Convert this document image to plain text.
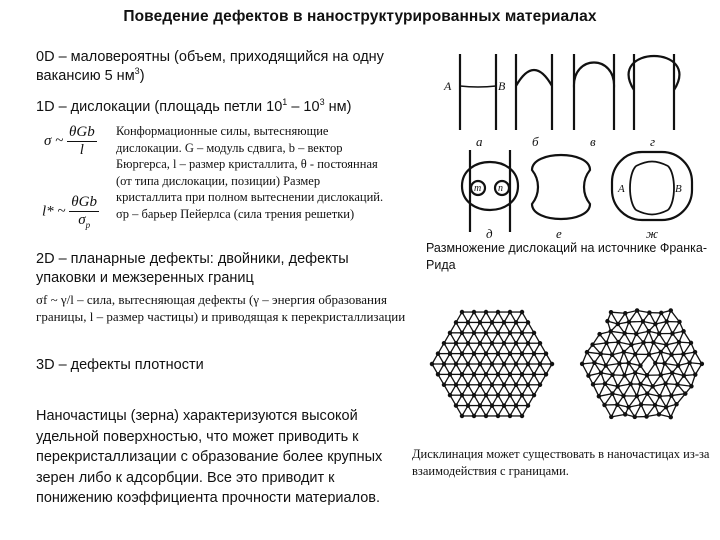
Поведение дефектов в наноструктурированных материалах
0D – маловероятны (объем, приходящийся на одну вакансию 5 $нм^3$)
1D – дислокации (площадь петли $10^1 - 10^3$ нм)
σ ~ $\frac{\text{θGb}}{l}$
l* ~ $\frac{\text{θGb}}{\sigma_p}$
Конформационные силы, вытесняющие дислокации. G – модуль сдвига, b – вектор Бюргерса, l – размер кристаллита, θ - постоянная (от типа дислокации, позиции) Размер кристаллита при полном вытеснении дислокаций. σp – барьер Пейерлса (сила трения решетки)
2D – планарные дефекты: двойники, дефекты упаковки и межзеренных границ
σf ~ γ/l – сила, вытесняющая дефекты (γ – энергия образования границы, l – размер частицы) и приводящая к перекристаллизации
3D – дефекты плотности
Наночастицы (зерна) характеризуются высокой удельной поверхностью, что может приводить к перекристаллизации с образование более крупных зерен либо к адсорбции. Все это приводит к понижению коэффициента прочности материалов.
Размножение дислокаций на источнике Франка-Рида
Дисклинация может существовать в наночастицах из-за взаимодействия с границами.
A	B
m n	A	B
a	б	в	г
д	е	ж
